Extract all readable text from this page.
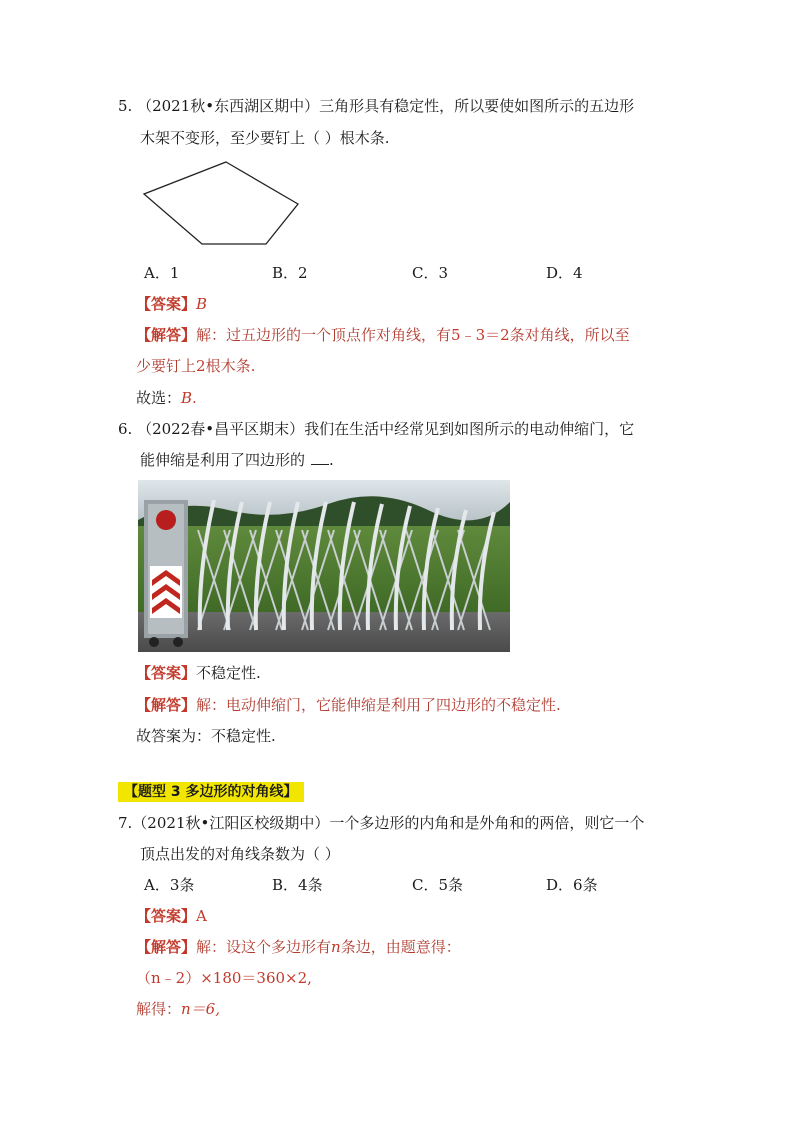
5. （2021秋•东西湖区期中）三角形具有稳定性，所以要使如图所示的五边形
木架不变形，至少要钉上（ ）根木条.
A．1	B．2	C．3	D．4
【答案】B
【解答】解：过五边形的一个顶点作对角线，有5﹣3＝2条对角线，所以至
少要钉上2根木条.
故选：B.
6. （2022春•昌平区期末）我们在生活中经常见到如图所示的电动伸缩门，它
能伸缩是利用了四边形的 .
【答案】不稳定性.
【解答】解：电动伸缩门，它能伸缩是利用了四边形的不稳定性.
故答案为：不稳定性.
【题型 3 多边形的对角线】
7.（2021秋•江阳区校级期中）一个多边形的内角和是外角和的两倍，则它一个
顶点出发的对角线条数为（ ）
A．3条	B．4条	C．5条	D．6条
【答案】A
【解答】解：设这个多边形有n条边，由题意得：
（n﹣2）×180＝360×2,
解得：n＝6,
